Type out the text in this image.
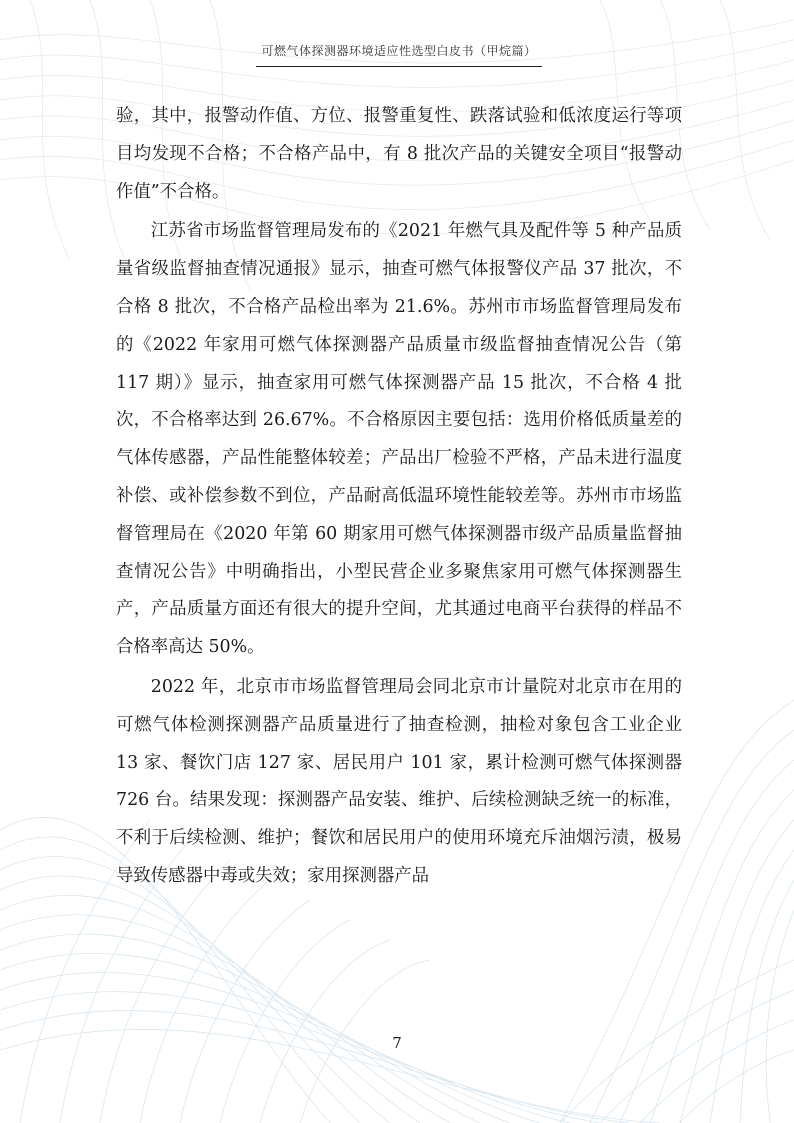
可燃气体探测器环境适应性选型白皮书（甲烷篇）

验，其中，报警动作值、方位、报警重复性、跌落试验和低浓度运行等项目均发现不合格；不合格产品中，有 8 批次产品的关键安全项目“报警动作值”不合格。

江苏省市场监督管理局发布的《2021 年燃气具及配件等 5 种产品质量省级监督抽查情况通报》显示，抽查可燃气体报警仪产品 37 批次，不合格 8 批次，不合格产品检出率为 21.6%。苏州市市场监督管理局发布的《2022 年家用可燃气体探测器产品质量市级监督抽查情况公告（第 117 期）》显示，抽查家用可燃气体探测器产品 15 批次，不合格 4 批次，不合格率达到 26.67%。不合格原因主要包括：选用价格低质量差的气体传感器，产品性能整体较差；产品出厂检验不严格，产品未进行温度补偿、或补偿参数不到位，产品耐高低温环境性能较差等。苏州市市场监督管理局在《2020 年第 60 期家用可燃气体探测器市级产品质量监督抽查情况公告》中明确指出，小型民营企业多聚焦家用可燃气体探测器生产，产品质量方面还有很大的提升空间，尤其通过电商平台获得的样品不合格率高达 50%。

2022 年，北京市市场监督管理局会同北京市计量院对北京市在用的可燃气体检测探测器产品质量进行了抽查检测，抽检对象包含工业企业 13 家、餐饮门店 127 家、居民用户 101 家，累计检测可燃气体探测器 726 台。结果发现：探测器产品安装、维护、后续检测缺乏统一的标准，不利于后续检测、维护；餐饮和居民用户的使用环境充斥油烟污渍，极易导致传感器中毒或失效；家用探测器产品

7
